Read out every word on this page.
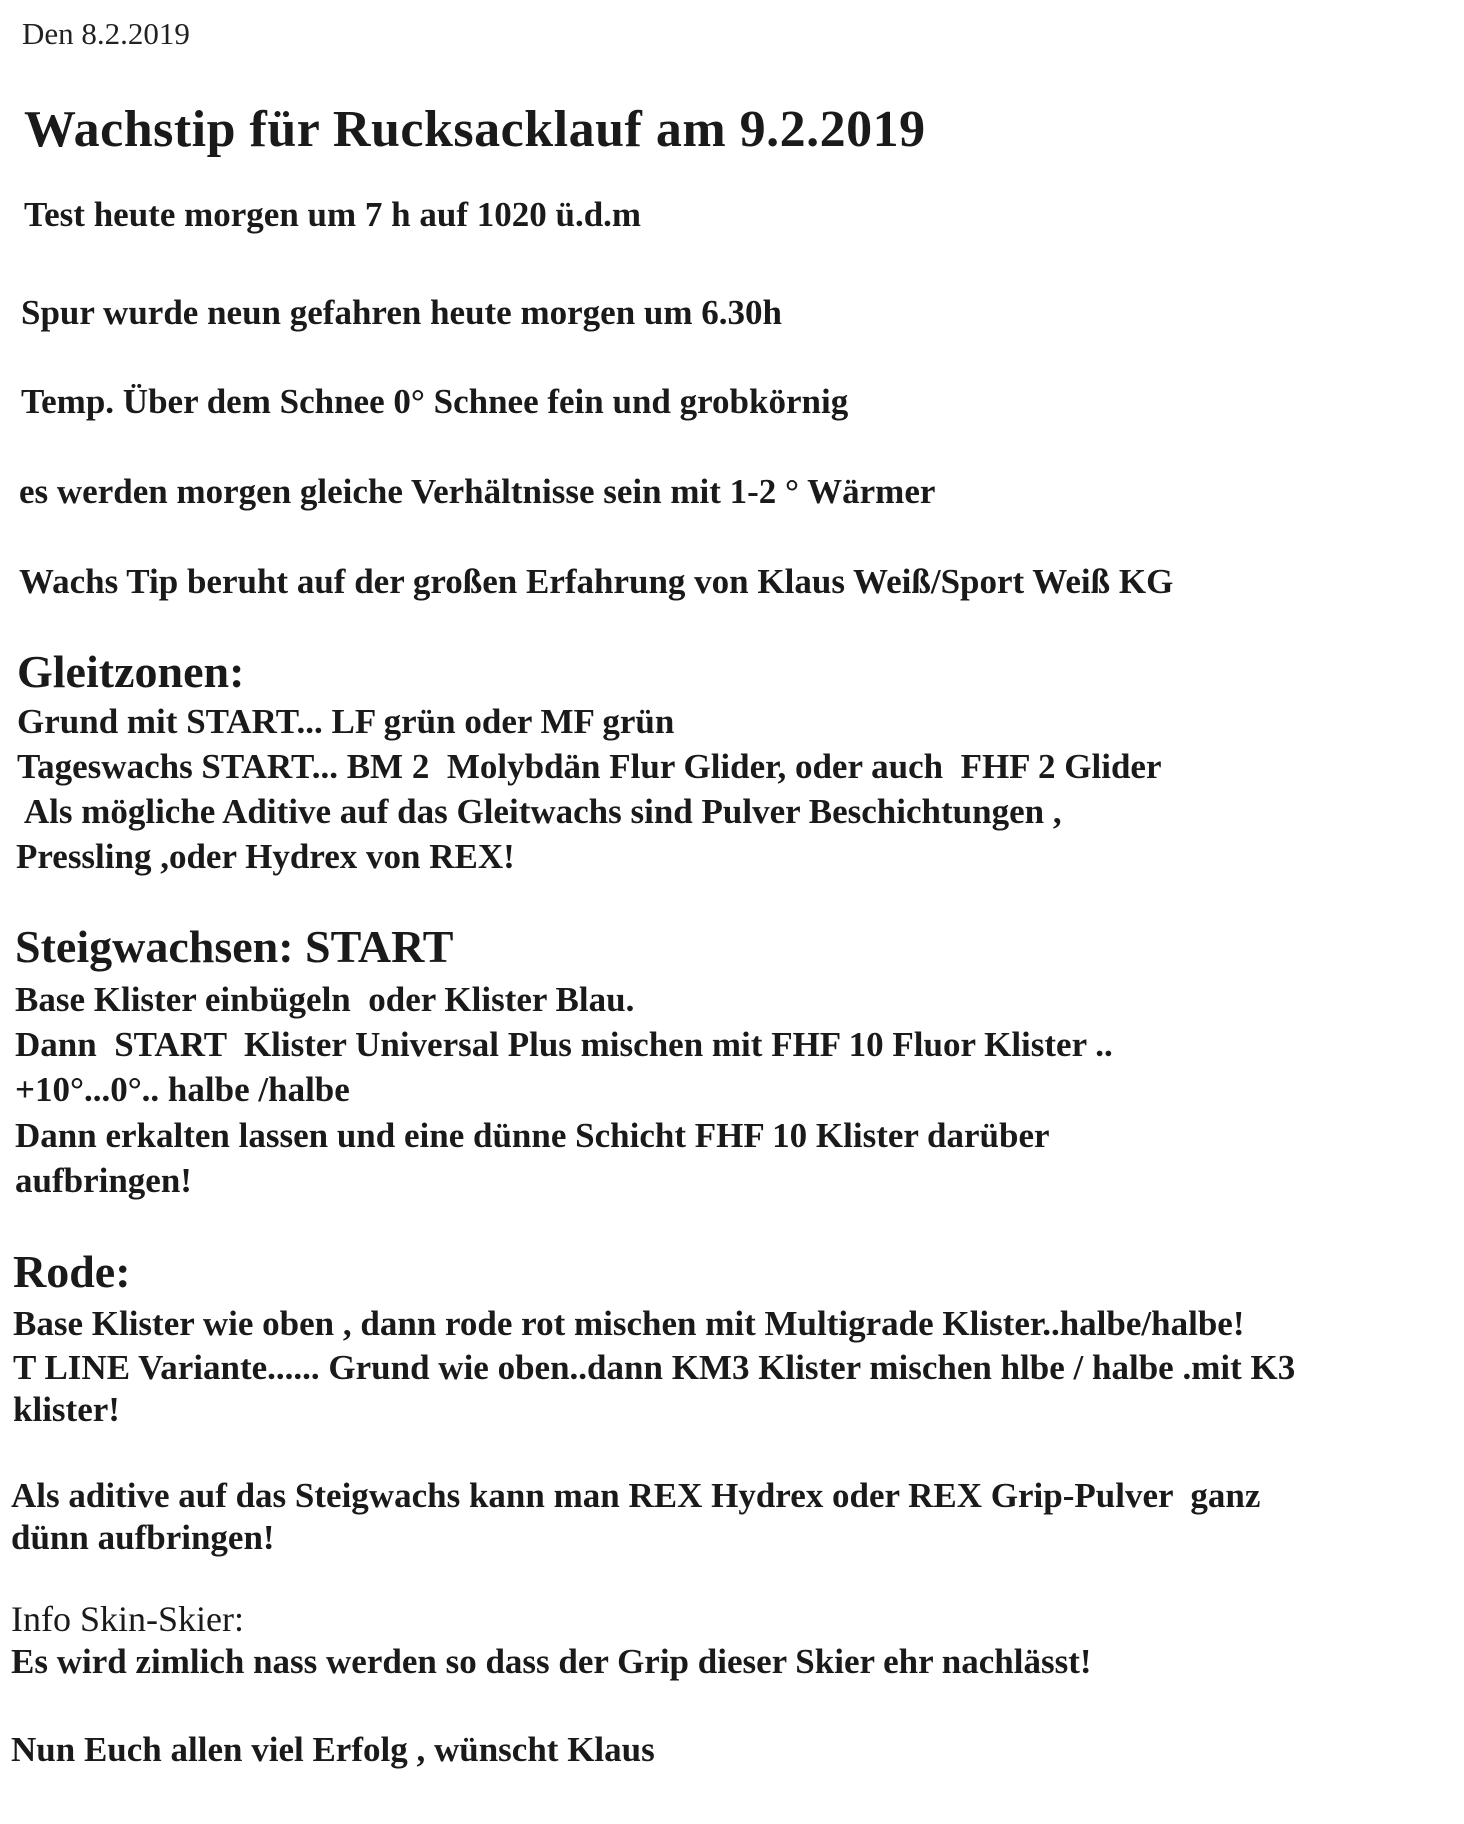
Den 8.2.2019
Wachstip für Rucksacklauf am 9.2.2019
Test heute morgen um 7 h auf 1020 ü.d.m
Spur wurde neun gefahren heute morgen um 6.30h
Temp. Über dem Schnee 0° Schnee fein und grobkörnig
es werden morgen gleiche Verhältnisse sein mit 1-2 ° Wärmer
Wachs Tip beruht auf der großen Erfahrung von Klaus Weiß/Sport Weiß KG
Gleitzonen:
Grund mit START... LF grün oder MF grün
Tageswachs START... BM 2  Molybdän Flur Glider, oder auch  FHF 2 Glider
Als mögliche Aditive auf das Gleitwachs sind Pulver Beschichtungen ,
Pressling ,oder Hydrex von REX!
Steigwachsen: START
Base Klister einbügeln  oder Klister Blau.
Dann  START  Klister Universal Plus mischen mit FHF 10 Fluor Klister ..
+10°...0°.. halbe /halbe
Dann erkalten lassen und eine dünne Schicht FHF 10 Klister darüber
aufbringen!
Rode:
Base Klister wie oben , dann rode rot mischen mit Multigrade Klister..halbe/halbe!
T LINE Variante...... Grund wie oben..dann KM3 Klister mischen hlbe / halbe .mit K3
klister!
Als aditive auf das Steigwachs kann man REX Hydrex oder REX Grip-Pulver  ganz
dünn aufbringen!
Info Skin-Skier:
Es wird zimlich nass werden so dass der Grip dieser Skier ehr nachlässt!
Nun Euch allen viel Erfolg , wünscht Klaus
